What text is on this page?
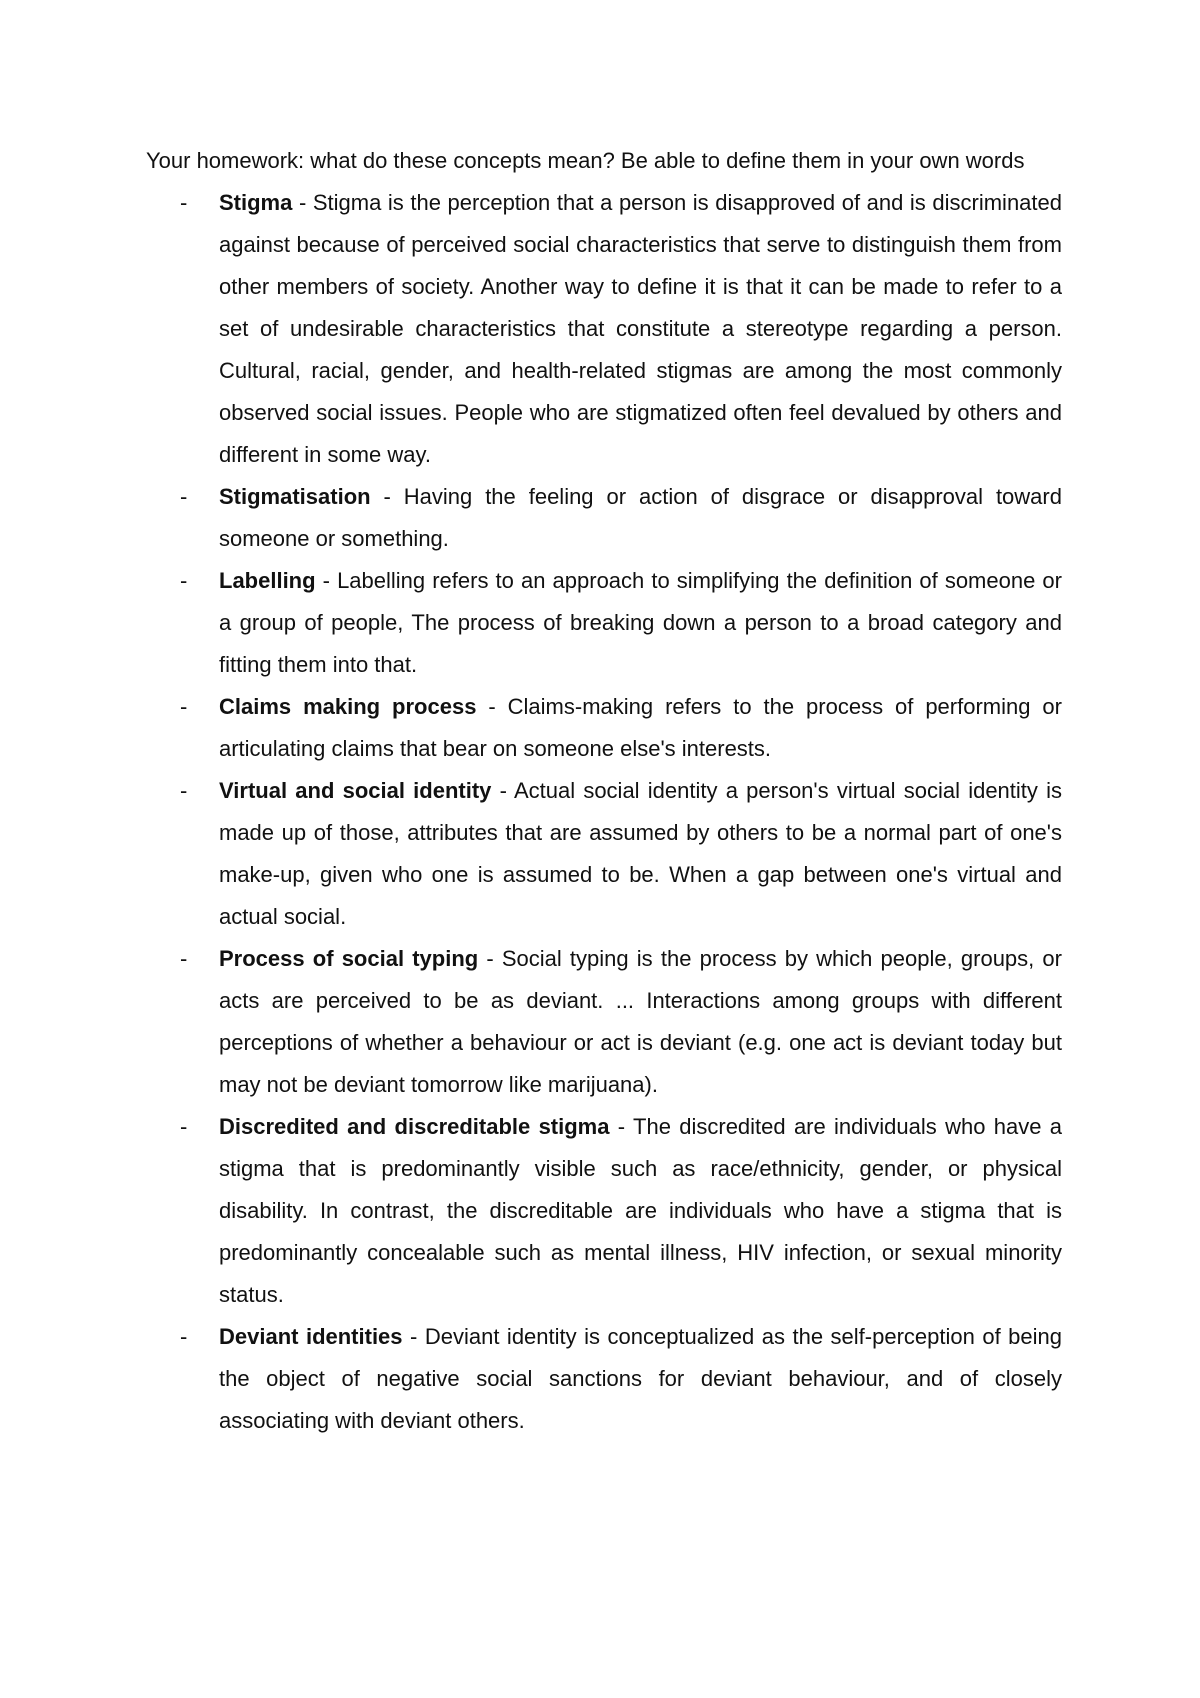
Your homework: what do these concepts mean? Be able to define them in your own words

- Stigma - Stigma is the perception that a person is disapproved of and is discriminated against because of perceived social characteristics that serve to distinguish them from other members of society. Another way to define it is that it can be made to refer to a set of undesirable characteristics that constitute a stereotype regarding a person. Cultural, racial, gender, and health-related stigmas are among the most commonly observed social issues. People who are stigmatized often feel devalued by others and different in some way.
- Stigmatisation - Having the feeling or action of disgrace or disapproval toward someone or something.
- Labelling - Labelling refers to an approach to simplifying the definition of someone or a group of people, The process of breaking down a person to a broad category and fitting them into that.
- Claims making process - Claims-making refers to the process of performing or articulating claims that bear on someone else's interests.
- Virtual and social identity - Actual social identity a person's virtual social identity is made up of those, attributes that are assumed by others to be a normal part of one's make-up, given who one is assumed to be. When a gap between one's virtual and actual social.
- Process of social typing - Social typing is the process by which people, groups, or acts are perceived to be as deviant. ... Interactions among groups with different perceptions of whether a behaviour or act is deviant (e.g. one act is deviant today but may not be deviant tomorrow like marijuana).
- Discredited and discreditable stigma - The discredited are individuals who have a stigma that is predominantly visible such as race/ethnicity, gender, or physical disability. In contrast, the discreditable are individuals who have a stigma that is predominantly concealable such as mental illness, HIV infection, or sexual minority status.
- Deviant identities - Deviant identity is conceptualized as the self-perception of being the object of negative social sanctions for deviant behaviour, and of closely associating with deviant others.
